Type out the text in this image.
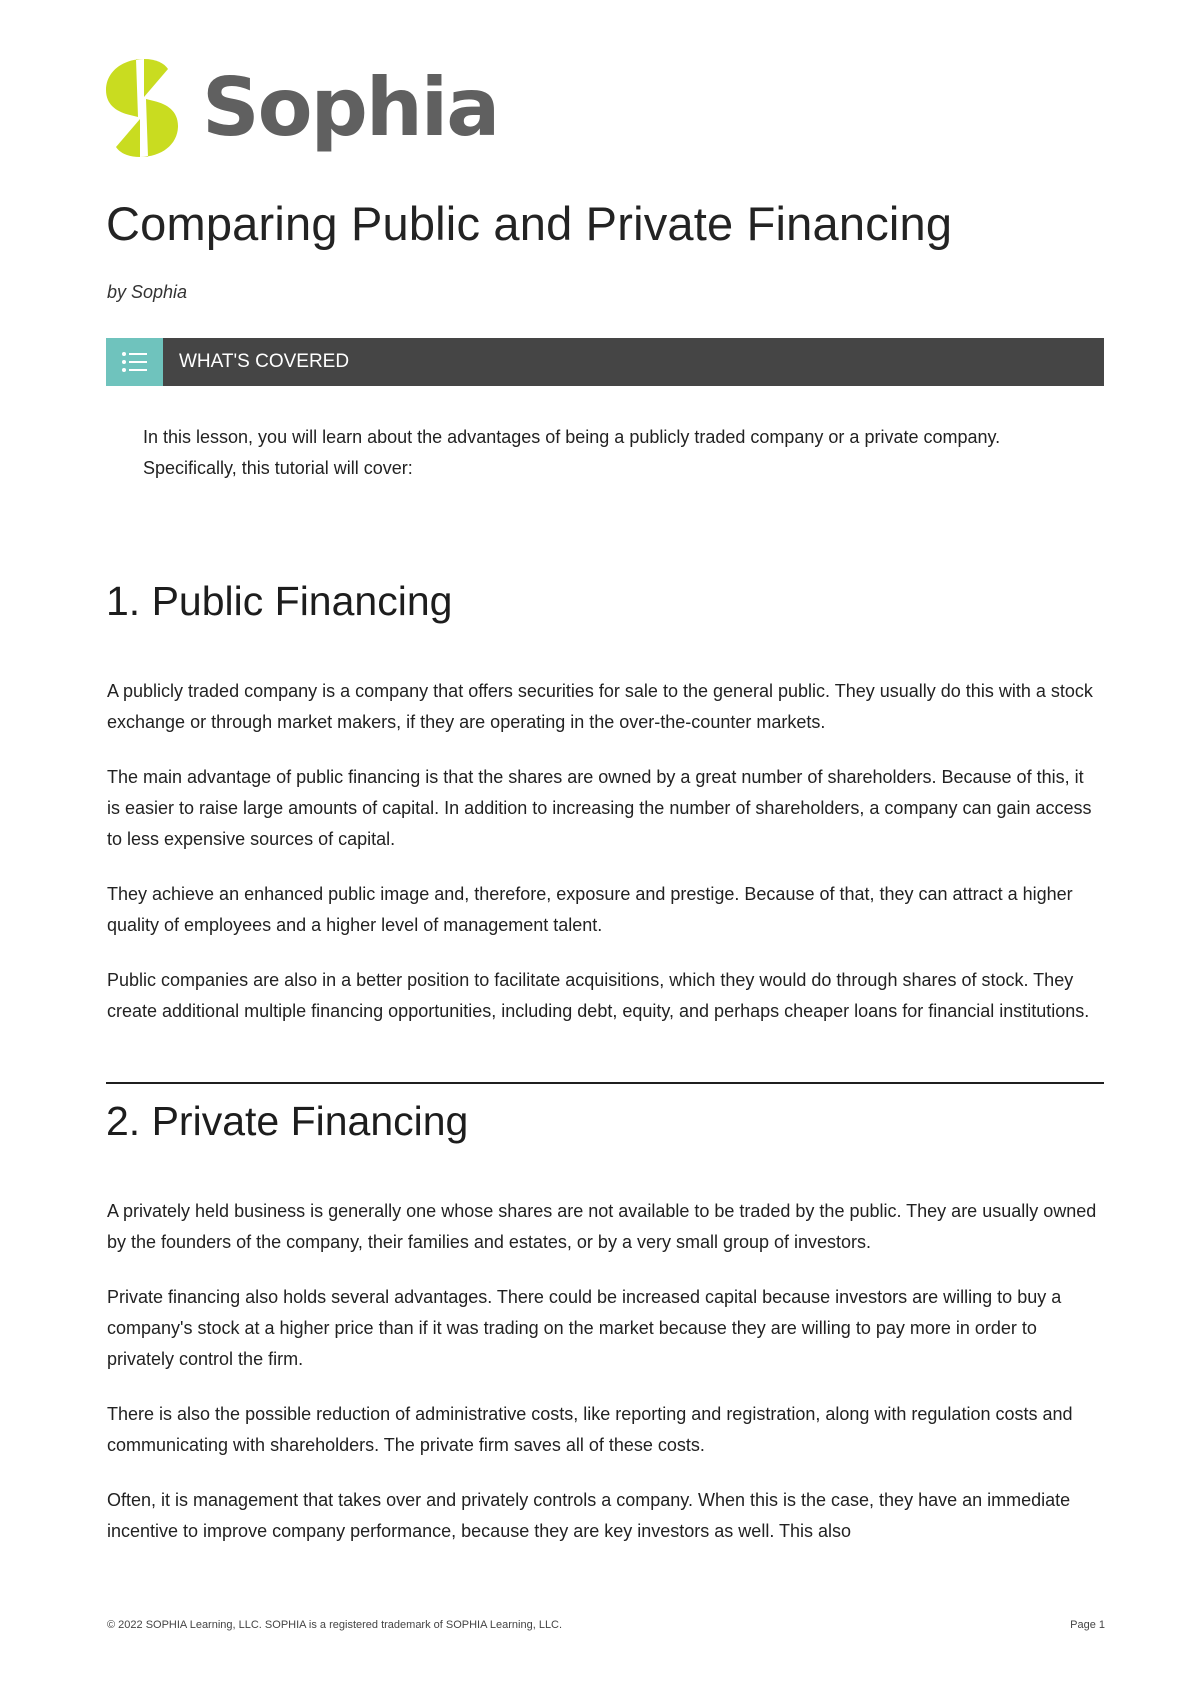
Sophia
Comparing Public and Private Financing
by Sophia
WHAT'S COVERED

In this lesson, you will learn about the advantages of being a publicly traded company or a private company. Specifically, this tutorial will cover:

1. Public Financing

A publicly traded company is a company that offers securities for sale to the general public. They usually do this with a stock exchange or through market makers, if they are operating in the over-the-counter markets.

The main advantage of public financing is that the shares are owned by a great number of shareholders. Because of this, it is easier to raise large amounts of capital. In addition to increasing the number of shareholders, a company can gain access to less expensive sources of capital.

They achieve an enhanced public image and, therefore, exposure and prestige. Because of that, they can attract a higher quality of employees and a higher level of management talent.

Public companies are also in a better position to facilitate acquisitions, which they would do through shares of stock. They create additional multiple financing opportunities, including debt, equity, and perhaps cheaper loans for financial institutions.

2. Private Financing

A privately held business is generally one whose shares are not available to be traded by the public. They are usually owned by the founders of the company, their families and estates, or by a very small group of investors.

Private financing also holds several advantages. There could be increased capital because investors are willing to buy a company's stock at a higher price than if it was trading on the market because they are willing to pay more in order to privately control the firm.

There is also the possible reduction of administrative costs, like reporting and registration, along with regulation costs and communicating with shareholders. The private firm saves all of these costs.

Often, it is management that takes over and privately controls a company. When this is the case, they have an immediate incentive to improve company performance, because they are key investors as well. This also

© 2022 SOPHIA Learning, LLC. SOPHIA is a registered trademark of SOPHIA Learning, LLC.	Page 1
